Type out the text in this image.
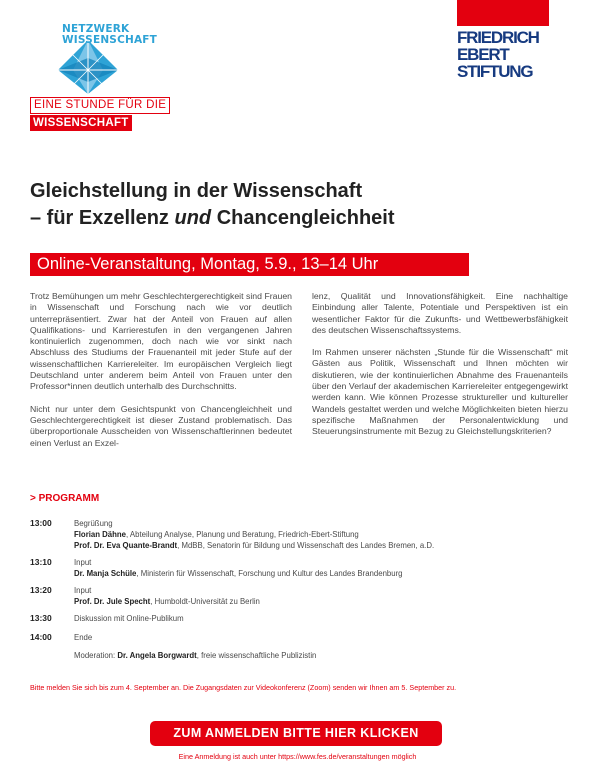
NETZWERK
WISSENSCHAFT	FRIEDRICH
EBERT
STIFTUNG
EINE STUNDE FÜR DIE
WISSENSCHAFT
Gleichstellung in der Wissenschaft
– für Exzellenz und Chancengleichheit
Online-Veranstaltung, Montag, 5.9., 13–14 Uhr

Trotz Bemühungen um mehr Geschlechtergerechtigkeit sind Frauen in Wissenschaft und Forschung nach wie vor deutlich unterrepräsentiert. Zwar hat der Anteil von Frauen auf allen Qualifikations- und Karrierestufen in den vergangenen Jahren kontinuierlich zugenommen, doch nach wie vor sinkt nach Abschluss des Studiums der Frauenanteil mit jeder Stufe auf der wissenschaftlichen Karriereleiter. Im europäischen Vergleich liegt Deutschland unter anderem beim Anteil von Frauen unter den Professor*innen deutlich unterhalb des Durchschnitts.

Nicht nur unter dem Gesichtspunkt von Chancengleichheit und Geschlechtergerechtigkeit ist dieser Zustand problematisch. Das überproportionale Ausscheiden von Wissenschaftlerinnen bedeutet einen Verlust an Exzel-

lenz, Qualität und Innovationsfähigkeit. Eine nachhaltige Einbindung aller Talente, Potentiale und Perspektiven ist ein wesentlicher Faktor für die Zukunfts- und Wettbewerbsfähigkeit des deutschen Wissenschaftssystems.

Im Rahmen unserer nächsten „Stunde für die Wissenschaft“ mit Gästen aus Politik, Wissenschaft und Ihnen möchten wir diskutieren, wie der kontinuierlichen Abnahme des Frauenanteils über den Verlauf der akademischen Karriereleiter entgegengewirkt werden kann. Wie können Prozesse struktureller und kultureller Wandels gestaltet werden und welche Möglichkeiten bieten hierzu spezifische Maßnahmen der Personalentwicklung und Steuerungsinstrumente mit Bezug zu Gleichstellungskriterien?

> PROGRAMM
13:00	Begrüßung
Florian Dähne, Abteilung Analyse, Planung und Beratung, Friedrich-Ebert-Stiftung
Prof. Dr. Eva Quante-Brandt, MdBB, Senatorin für Bildung und Wissenschaft des Landes Bremen, a.D.
13:10	Input
Dr. Manja Schüle, Ministerin für Wissenschaft, Forschung und Kultur des Landes Brandenburg
13:20	Input
Prof. Dr. Jule Specht, Humboldt-Universität zu Berlin
13:30	Diskussion mit Online-Publikum
14:00	Ende
Moderation: Dr. Angela Borgwardt, freie wissenschaftliche Publizistin
Bitte melden Sie sich bis zum 4. September an. Die Zugangsdaten zur Videokonferenz (Zoom) senden wir Ihnen am 5. September zu.
ZUM ANMELDEN BITTE HIER KLICKEN
Eine Anmeldung ist auch unter https://www.fes.de/veranstaltungen möglich
